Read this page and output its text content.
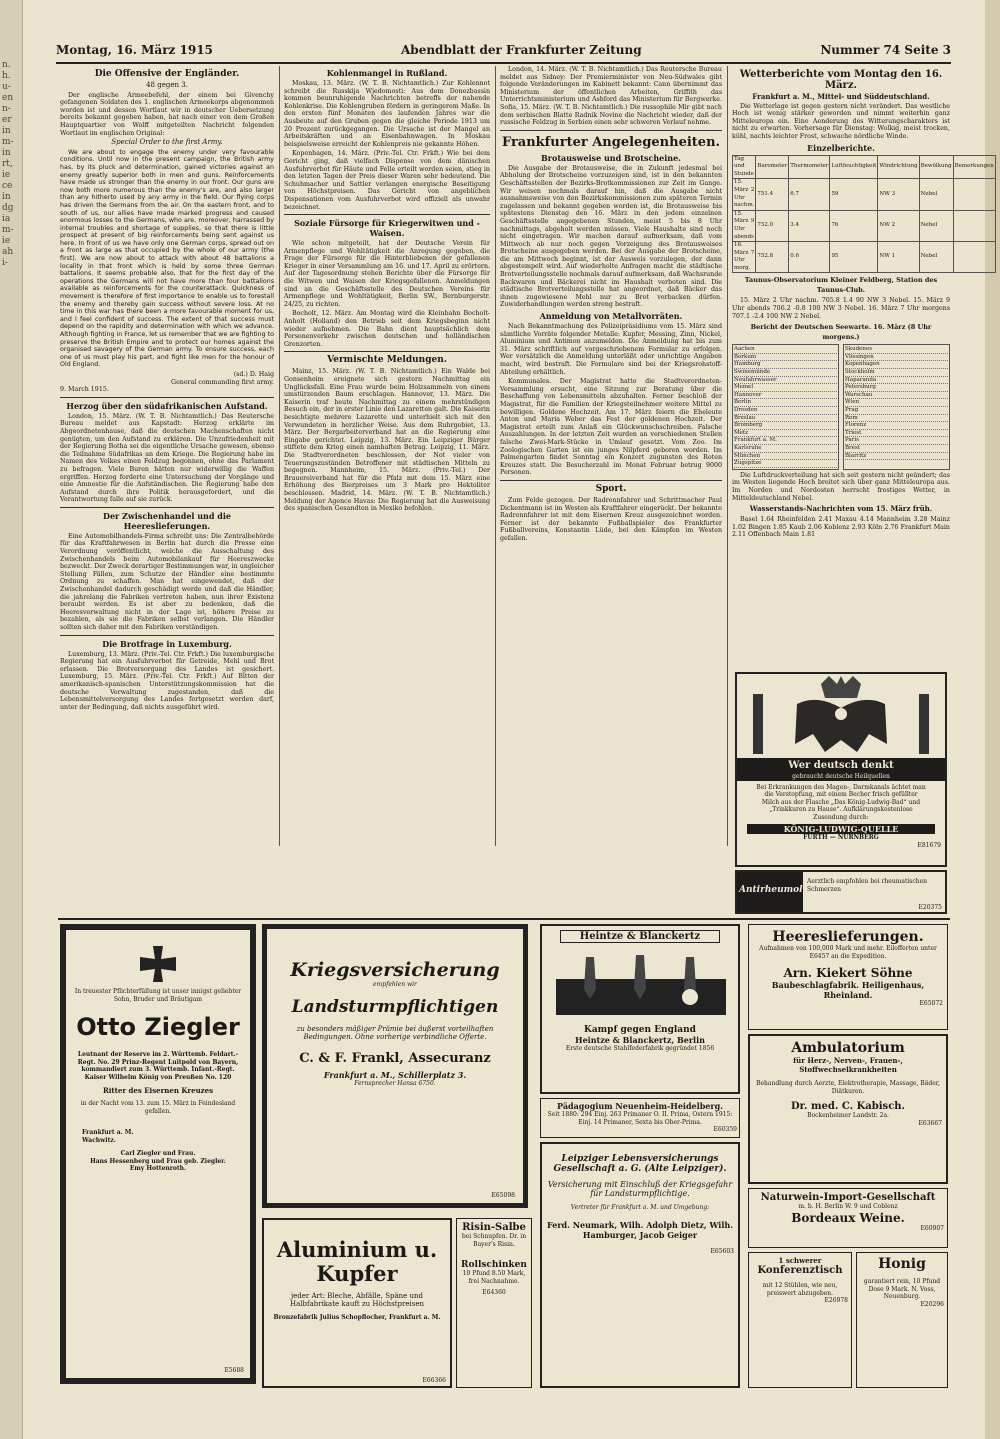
n.
h.
u-
en
n-
er
in
m-
in
rt,
ie
ce
in
dg
ia
m-
ie
ah
i-
Montag, 16. März 1915	Abendblatt der Frankfurter Zeitung	Nummer 74 Seite 3
Die Offensive der Engländer.
48 gegen 3.

Der englische Armeebefehl, der einem bei Givenchy gefangenen Soldaten des 1. englischen Armeekorps abgenommen worden ist und dessen Wortlaut wir in deutscher Uebersetzung bereits bekannt gegeben haben, hat nach einer von dem Großen Hauptquartier von Wolff mitgeteilten Nachricht folgenden Wortlaut im englischen Original:

Special Order to the first Army.

We are about to engage the enemy under very favourable conditions. Until now in the present campaign, the British army has, by its pluck and determination, gained victories against an enemy greatly superior both in men and guns. Reinforcements have made us stronger than the enemy in our front. Our guns are now both more numerous than the enemy's are, and also larger than any hitherto used by any army in the field. Our flying corps has driven the Germans from the air. On the eastern front, and to south of us, our allies have made marked progress and caused enormous losses to the Germans, who are, moreover, harrassed by internal troubles and shortage of supplies, so that there is little prospect at present of big reinforcements being sent against us here. In front of us we have only one German corps, spread out on a front as large as that occupied by the whole of our army (the first). We are now about to attack with about 48 battalions a locality in that front which is held by some three German battalions. It seems probable also, that for the first day of the operations the Germans will not have more than four battalions available as reinforcements for the counterattack. Quickness of movement is therefore of first importance to enable us to forestall the enemy and thereby gain success without severe loss. At no time in this war has there been a more favourable moment for us, and I feel confident of success. The extent of that success must depend on the rapidity and determination with which we advance. Although fighting in France, let us remember that we are fighting to preserve the British Empire and to protect our homes against the organised savagery of the German army. To ensure success, each one of us must play his part, and fight like men for the honour of Old England.

(sd.) D. Haig
General commanding first army.
9. March 1915.
Herzog über den südafrikanischen Aufstand.

London, 15. März. (W. T. B. Nichtamtlich.) Das Reutersche Bureau meldet aus Kapstadt: Herzog erklärte im Abgeordnetenhause, daß die deutschen Machenschaften nicht genügten, um den Aufstand zu erklären. Die Unzufriedenheit mit der Regierung Botha sei die eigentliche Ursache gewesen, ebenso die Teilnahme Südafrikas an dem Kriege. Die Regierung habe im Namen des Volkes einen Feldzug begonnen, ohne das Parlament zu befragen. Viele Buren hätten nur widerwillig die Waffen ergriffen. Herzog forderte eine Untersuchung der Vorgänge und eine Amnestie für die Aufständischen. Die Regierung habe den Aufstand durch ihre Politik herausgefordert, und die Verantwortung falle auf sie zurück.

Der Zwischenhandel und die Heereslieferungen.

Eine Automobilhandels-Firma schreibt uns: Die Zentralbehörde für das Kraftfahrwesen in Berlin hat durch die Presse eine Verordnung veröffentlicht, welche die Ausschaltung des Zwischenhandels beim Automobilankauf für Heereszwecke bezweckt. Der Zweck derartiger Bestimmungen war, in ungleicher Stellung Fällen, zum Schutze der Händler eine bestimmte Ordnung zu schaffen. Man hat eingewendet, daß der Zwischenhandel dadurch geschädigt werde und daß die Händler, die jahrelang die Fabriken vertreten haben, nun ihrer Existenz beraubt werden. Es ist aber zu bedenken, daß die Heeresverwaltung nicht in der Lage ist, höhere Preise zu bezahlen, als sie die Fabriken selbst verlangen. Die Händler sollten sich daher mit den Fabriken verständigen.

Die Brotfrage in Luxemburg.

Luxemburg, 13. März. (Priv.-Tel. Ctr. Frkft.) Die luxemburgische Regierung hat ein Ausfuhrverbot für Getreide, Mehl und Brot erlassen. Die Brotversorgung des Landes ist gesichert. Luxemburg, 15. März. (Priv.-Tel. Ctr. Frkft.) Auf Bitten der amerikanisch-spanischen Unterstützungskommission hat die deutsche Verwaltung zugestanden, daß die Lebensmittelversorgung des Landes fortgesetzt werden darf, unter der Bedingung, daß nichts ausgeführt wird.

Kohlenmangel in Rußland.

Moskau, 13. März. (W. T. B. Nichtamtlich.) Zur Kohlennot schreibt die Russkija Wjedomosti: Aus dem Donezbassin kommen beunruhigende Nachrichten betreffs der nahende Kohlenkrise. Die Kohlengruben fördern in geringerem Maße. In den ersten fünf Monaten des laufenden Jahres war die Ausbeute auf den Gruben gegen die gleiche Periode 1913 um 20 Prozent zurückgegangen. Die Ursache ist der Mangel an Arbeitskräften und an Eisenbahnwagen. In Moskau beispielsweise erreicht der Kohlenpreis nie gekannte Höhen.

Kopenhagen, 14. März. (Priv.-Tel. Ctr. Frkft.) Wie bei dem Gericht ging, daß vielfach Dispense von dem dänischen Ausfuhrverbot für Häute und Felle erteilt worden seien, stieg in den letzten Tagen der Preis dieser Waren sehr bedeutend. Die Schuhmacher und Sattler verlangen energische Beseitigung von Höchstpreisen. Das Gericht von angeblichen Dispensationen vom Ausfuhrverbot wird offiziell als unwahr bezeichnet.

Soziale Fürsorge für Kriegerwitwen und -Waisen.

Wie schon mitgeteilt, hat der Deutsche Verein für Armenpflege und Wohltätigkeit die Anregung gegeben, die Frage der Fürsorge für die Hinterbliebenen der gefallenen Krieger in einer Versammlung am 16. und 17. April zu erörtern. Auf der Tagesordnung stehen Berichte über die Fürsorge für die Witwen und Waisen der Kriegsgefallenen. Anmeldungen sind an die Geschäftsstelle des Deutschen Vereins für Armenpflege und Wohltätigkeit, Berlin SW., Bernburgerstr. 24/25, zu richten.

Bocholt, 12. März. Am Montag wird die Kleinbahn Bocholt-Anholt (Holland) den Betrieb seit dem Kriegsbeginn nicht wieder aufnehmen. Die Bahn dient hauptsächlich dem Personenverkehr zwischen deutschen und holländischen Grenzorten.

Vermischte Meldungen.

Mainz, 15. März. (W. T. B. Nichtamtlich.) Ein Walde bei Gonsenheim ereignete sich gestern Nachmittag ein Unglücksfall. Eine Frau wurde beim Holzsammeln von einem umstürzenden Baum erschlagen. Hannover, 13. März. Die Kaiserin traf heute Nachmittag zu einem mehrstündigen Besuch ein, der in erster Linie den Lazaretten galt. Die Kaiserin besichtigte mehrere Lazarette und unterhielt sich mit den Verwundeten in herzlicher Weise. Aus dem Ruhrgebiet, 13. März. Der Bergarbeiterverband hat an die Regierung eine Eingabe gerichtet. Leipzig, 13. März. Ein Leipziger Bürger stiftete dem Krieg einen namhaften Betrag. Leipzig, 11. März. Die Stadtverordneten beschlossen, der Not vieler von Teuerungszuständen Betroffener mit städtischen Mitteln zu begegnen. Mannheim, 15. März. (Priv.-Tel.) Der Brauereiverband hat für die Pfalz mit dem 15. März eine Erhöhung des Bierpreises um 3 Mark pro Hektoliter beschlossen. Madrid, 14. März. (W. T. B. Nichtamtlich.) Meldung der Agence Havas: Die Regierung hat die Ausweisung des spanischen Gesandten in Mexiko befohlen.

London, 14. März. (W. T. B. Nichtamtlich.) Das Reutersche Bureau meldet aus Sidney: Der Premierminister von Neu-Südwales gibt folgende Veränderungen im Kabinett bekannt: Cann übernimmt das Ministerium der öffentlichen Arbeiten, Griffith das Unterrichtsministerium und Ashford das Ministerium für Bergwerke. Sofia, 15. März. (W. T. B. Nichtamtlich.) Die russophile Mir gibt nach dem serbischen Blatte Radnik Novine die Nachricht wieder, daß der russische Feldzug in Serbien einen sehr schweren Verlauf nehme.

Frankfurter Angelegenheiten.
Brotausweise und Brotscheine.

Die Ausgabe der Brotausweise, die in Zukunft jedesmal bei Abholung der Brotscheine vorzuzeigen sind, ist in den bekannten Geschäftsstellen der Bezirks-Brotkommissionen zur Zeit im Gange. Wir weisen nochmals darauf hin, daß die Ausgabe nicht ausnahmsweise von den Bezirkskommissionen zum späteren Termin zugelassen und bekannt gegeben worden ist, die Brotausweise bis spätestens Dienstag den 16. März in den jedem einzelnen Geschäftsstelle angegebenen Stunden, meist 5 bis 8 Uhr nachmittags, abgeholt werden müssen. Viele Haushalte sind noch nicht eingetragen. Wir machen darauf aufmerksam, daß vom Mittwoch ab nur noch gegen Vorzeigung des Brotausweises Brotscheine ausgegeben werden. Bei der Ausgabe der Brotscheine, die am Mittwoch beginnt, ist der Ausweis vorzulegen, der dann abgestempelt wird. Auf wiederholte Anfragen macht die städtische Brotverteilungsstelle nochmals darauf aufmerksam, daß Wachsrunde Backwaren und Bäckerei nicht im Haushalt verboten sind. Die städtische Brotverteilungsstelle hat angeordnet, daß Bäcker das ihnen zugewiesene Mehl nur zu Brot verbacken dürfen. Zuwiderhandlungen werden streng bestraft.

Anmeldung von Metallvorräten.

Nach Bekanntmachung des Polizeipräsidiums vom 15. März sind sämtliche Vorräte folgender Metalle: Kupfer, Messing, Zinn, Nickel, Aluminium und Antimon anzumelden. Die Anmeldung hat bis zum 31. März schriftlich auf vorgeschriebenem Formular zu erfolgen. Wer vorsätzlich die Anmeldung unterläßt oder unrichtige Angaben macht, wird bestraft. Die Formulare sind bei der Kriegsrohstoff-Abteilung erhältlich.

Kommunales. Der Magistrat hatte die Stadtverordneten-Versammlung ersucht, eine Sitzung zur Beratung über die Beschaffung von Lebensmitteln abzuhalten. Ferner beschloß der Magistrat, für die Familien der Kriegsteilnehmer weitere Mittel zu bewilligen. Goldene Hochzeit. Am 17. März feiern die Eheleute Anton und Maria Weber das Fest der goldenen Hochzeit. Der Magistrat erteilt zum Anlaß ein Glückwunschschreiben. Falsche Auszahlungen. In der letzten Zeit wurden an verschiedenen Stellen falsche Zwei-Mark-Stücke in Umlauf gesetzt. Vom Zoo. Im Zoologischen Garten ist ein junges Nilpferd geboren worden. Im Palmengarten findet Sonntag ein Konzert zugunsten des Roten Kreuzes statt. Die Besucherzahl im Monat Februar betrug 9000 Personen.

Sport.

Zum Felde gezogen. Der Radrennfahrer und Schrittmacher Paul Dickentmann ist im Westen als Kraftfahrer eingerückt. Der bekannte Radrennfahrer ist mit dem Eisernen Kreuz ausgezeichnet worden. Ferner ist der bekannte Fußballspieler des Frankfurter Fußballvereins, Konstantin Lüde, bei den Kämpfen im Westen gefallen.

Wetterberichte vom Montag den 16. März.
Frankfurt a. M., Mittel- und Süddeutschland.

Die Wetterlage ist gegen gestern nicht verändert. Das westliche Hoch ist wenig stärker geworden und nimmt weiterhin ganz Mitteleuropa ein. Eine Aenderung des Witterungscharakters ist nicht zu erwarten. Vorhersage für Dienstag: Wolkig, meist trocken, kühl, nachts leichter Frost, schwache nördliche Winde.

Einzelberichte.
Tag und Stunde	Barometer	Thermometer	Luftfeuchtigkeit	Windrichtung	Bewölkung	Bemerkungen
15. März 2 Uhr nachm.	751.4	6.7	59	NW 3	Nebel	
15. März 9 Uhr abends	752.0	3.4	76	NW 2	Nebel	
16. März 7 Uhr morg.	752.8	0.6	95	NW 1	Nebel	
Taunus-Observatorium Kleiner Feldberg, Station des Taunus-Club.

15. März 2 Uhr nachm. 705.8 1.4 90 NW 3 Nebel. 15. März 9 Uhr abends 706.2 -0.8 100 NW 3 Nebel. 16. März 7 Uhr morgens 707.1 -2.4 100 NW 2 Nebel.

Bericht der Deutschen Seewarte. 16. März (8 Uhr morgens.)
Aachen
Borkum
Hamburg
Swinemünde
Neufahrwasser
Memel
Hannover
Berlin
Dresden
Breslau
Bromberg
Metz
Frankfurt a. M.
Karlsruhe
München
Zugspitze
Skudenes
Vlissingen
Kopenhagen
Stockholm
Haparanda
Petersburg
Warschau
Wien
Prag
Rom
Florenz
Triest
Paris
Brest
Biarritz

Die Luftdruckverteilung hat sich seit gestern nicht geändert; das im Westen liegende Hoch breitet sich über ganz Mitteleuropa aus. Im Norden und Nordosten herrscht frostiges Wetter, in Mitteldeutschland Nebel.

Wasserstands-Nachrichten vom 15. März früh.

Basel 1.64 Rheinfelden 2.41 Maxau 4.14 Mannheim 3.28 Mainz 1.02 Bingen 1.85 Kaub 2.06 Koblenz 2.93 Köln 2.76 Frankfurt Main 2.11 Offenbach Main 1.81

Wer deutsch denkt
gebraucht deutsche Heilquellen
Bei Erkrankungen des Magen-, Darmkanals ächtet man die Verstopfung, mit einem Becher frisch gefüllter Milch aus der Flasche „Das König-Ludwig-Bad“ und „Trinkkuren zu Hause“. Aufklärungskostenlose Zusendung durch:
KÖNIG-LUDWIG-QUELLE
FÜRTH — NÜRNBERG
E81679
Antirheumol
Aerztlich empfohlen bei rheumatischen Schmerzen
E20375
In treuester Pflichterfüllung ist unser innigst geliebter Sohn, Bruder und Bräutigam
Otto Ziegler
Leutnant der Reserve im 2. Württemb. Feldart.-Regt. No. 29 Prinz-Regent Luitpold von Bayern, kommandiert zum 3. Württemb. Infant.-Regt. Kaiser Wilhelm König von Preußen No. 120
Ritter des Eisernen Kreuzes
in der Nacht vom 13. zum 15. März in Feindesland gefallen.
Frankfurt a. M.
Wachwitz.
Carl Ziegler und Frau.
Hans Hessenberg und Frau geb. Ziegler.
Emy Hottenroth.
E5688
Kriegsversicherung
empfehlen wir
Landsturmpflichtigen
zu besonders mäßiger Prämie bei äußerst vorteilhaften Bedingungen. Ohne vorherige verbindliche Offerte.
C. & F. Frankl, Assecuranz
Frankfurt a. M., Schillerplatz 3.
Fernsprecher Hansa 6750.
E65098
Aluminium u. Kupfer
jeder Art: Bleche, Abfälle, Späne und Halbfabrikate kauft zu Höchstpreisen
Bronzefabrik Julius Schopflocher, Frankfurt a. M.
E66366
Risin-Salbe
bei Schnupfen. Dr. in Bayer's Risin.
Rollschinken
10 Pfund 8.50 Mark, frei Nachnahme.
E64360
Heintze & Blanckertz
Kampf gegen England
Heintze & Blanckertz, Berlin
Erste deutsche Stahlfederfabrik gegründet 1856
Pädagogium Neuenheim-Heidelberg.
Seit 1880: 294 Einj. 263 Primaner O. II. Prima, Ostern 1915: Einj. 14 Primaner, Sexta bis Ober-Prima.
E60359
Leipziger Lebensversicherungs Gesellschaft a. G. (Alte Leipziger).
Versicherung mit Einschluß der Kriegsgefahr für Landsturmpflichtige.
Vertreter für Frankfurt a. M. und Umgebung:
Ferd. Neumark, Wilh. Adolph Dietz, Wilh. Hamburger, Jacob Geiger
E65603
Heereslieferungen.
Aufnahmen von 100,000 Mark und mehr. Eilofferten unter E6457 an die Expedition.
Arn. Kiekert Söhne
Baubeschlagfabrik. Heiligenhaus, Rheinland.
E65072
Ambulatorium
für Herz-, Nerven-, Frauen-, Stoffwechselkrankheiten
Behandlung durch Aerzte, Elektrotherapie, Massage, Bäder, Diätkuren.
Dr. med. C. Kabisch.
Bockenheimer Landstr. 2a.
E63667
Naturwein-Import-Gesellschaft
m. b. H. Berlin W. 9 und Coblenz
Bordeaux Weine.
E60907
1 schwerer
Konferenztisch
mit 12 Stühlen, wie neu, preiswert abzugeben.
E26978
Honig
garantiert rein, 10 Pfund Dose 9 Mark. N. Voss, Neuenburg.
E20296
